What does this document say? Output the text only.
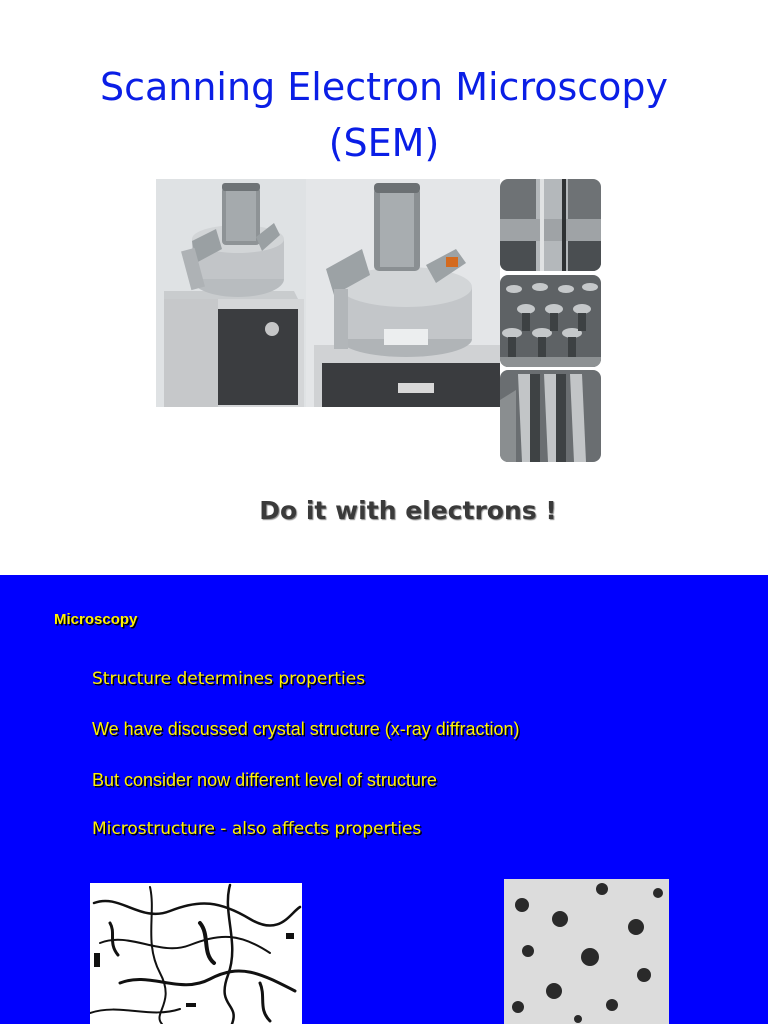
Scanning Electron Microscopy
(SEM)
Do it with electrons !
Microscopy
Structure determines properties
We have discussed crystal structure (x-ray diffraction)
But consider now different level of structure
Microstructure - also affects properties
